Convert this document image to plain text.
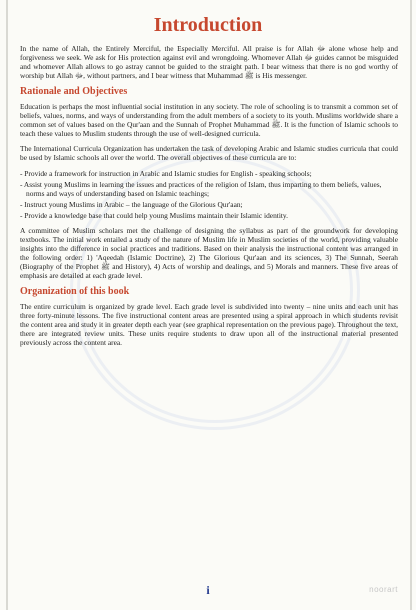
Introduction

In the name of Allah, the Entirely Merciful, the Especially Merciful. All praise is for Allah ﷻ alone whose help and forgiveness we seek. We ask for His protection against evil and wrongdoing. Whomever Allah ﷻ guides cannot be misguided and whomever Allah allows to go astray cannot be guided to the straight path. I bear witness that there is no god worthy of worship but Allah ﷻ, without partners, and I bear witness that Muhammad ﷺ is His messenger.

Rationale and Objectives

Education is perhaps the most influential social institution in any society. The role of schooling is to transmit a common set of beliefs, values, norms, and ways of understanding from the adult members of a society to its youth. Muslims worldwide share a common set of values based on the Qur'aan and the Sunnah of Prophet Muhammad ﷺ. It is the function of Islamic schools to teach these values to Muslim students through the use of well-designed curricula.

The International Curricula Organization has undertaken the task of developing Arabic and Islamic studies curricula that could be used by Islamic schools all over the world. The overall objectives of these curricula are to:

- Provide a framework for instruction in Arabic and Islamic studies for English - speaking schools;
- Assist young Muslims in learning the issues and practices of the religion of Islam, thus imparting to them beliefs, values, norms and ways of understanding based on Islamic teachings;
- Instruct young Muslims in Arabic – the language of the Glorious Qur'aan;
- Provide a knowledge base that could help young Muslims maintain their Islamic identity.

A committee of Muslim scholars met the challenge of designing the syllabus as part of the groundwork for developing textbooks. The initial work entailed a study of the nature of Muslim life in Muslim societies of the world, providing valuable insights into the difference in social practices and traditions. Based on their analysis the instructional content was arranged in the following order: 1) 'Aqeedah (Islamic Doctrine), 2) The Glorious Qur'aan and its sciences, 3) The Sunnah, Seerah (Biography of the Prophet ﷺ and History), 4) Acts of worship and dealings, and 5) Morals and manners. These five areas of emphasis are detailed at each grade level.

Organization of this book

The entire curriculum is organized by grade level. Each grade level is subdivided into twenty – nine units and each unit has three forty-minute lessons. The five instructional content areas are presented using a spiral approach in which students revisit the content area and study it in greater depth each year (see graphical representation on the previous page). Throughout the text, there are integrated review units. These units require students to draw upon all of the instructional material presented previously across the content area.

i	noorart
